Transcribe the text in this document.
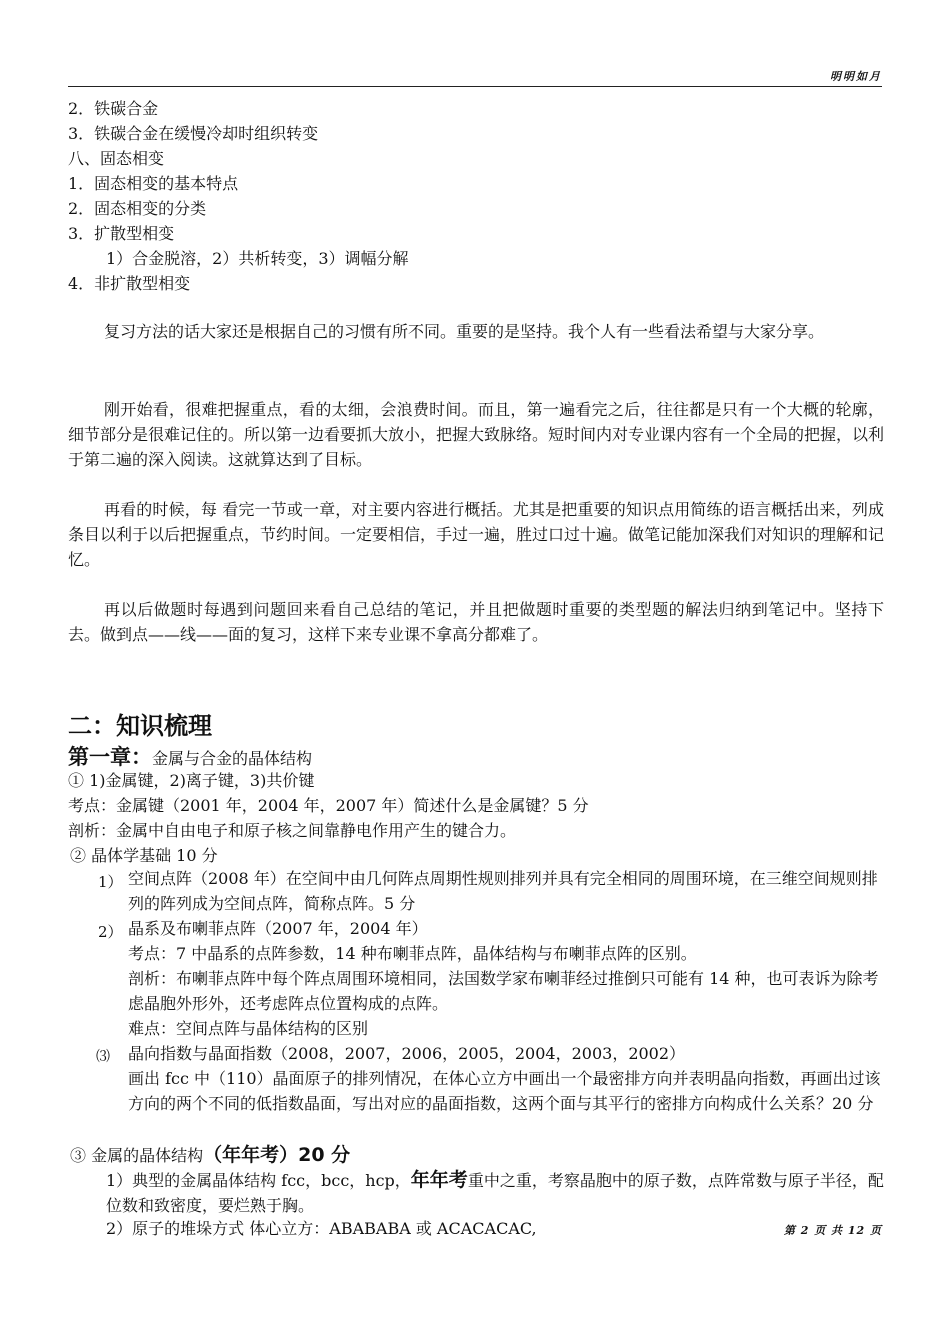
明明如月
2．铁碳合金
3．铁碳合金在缓慢冷却时组织转变
八、固态相变
1．固态相变的基本特点
2．固态相变的分类
3．扩散型相变
1）合金脱溶，2）共析转变，3）调幅分解
4．非扩散型相变
复习方法的话大家还是根据自己的习惯有所不同。重要的是坚持。我个人有一些看法希望与大家分享。
刚开始看，很难把握重点，看的太细，会浪费时间。而且，第一遍看完之后，往往都是只有一个大概的轮廓，细节部分是很难记住的。所以第一边看要抓大放小，把握大致脉络。短时间内对专业课内容有一个全局的把握，以利于第二遍的深入阅读。这就算达到了目标。
再看的时候，每 看完一节或一章，对主要内容进行概括。尤其是把重要的知识点用简练的语言概括出来，列成条目以利于以后把握重点，节约时间。一定要相信，手过一遍，胜过口过十遍。做笔记能加深我们对知识的理解和记忆。
再以后做题时每遇到问题回来看自己总结的笔记，并且把做题时重要的类型题的解法归纳到笔记中。坚持下去。做到点——线——面的复习，这样下来专业课不拿高分都难了。
二：知识梳理
第一章：金属与合金的晶体结构
① 1)金属键，2)离子键，3)共价键
考点：金属键（2001 年，2004 年，2007 年）简述什么是金属键？5 分
剖析：金属中自由电子和原子核之间靠静电作用产生的键合力。
② 晶体学基础 10 分
1） 空间点阵（2008 年）在空间中由几何阵点周期性规则排列并具有完全相同的周围环境，在三维空间规则排列的阵列成为空间点阵，简称点阵。5 分
2） 晶系及布喇菲点阵（2007 年，2004 年）
考点：7 中晶系的点阵参数，14 种布喇菲点阵，晶体结构与布喇菲点阵的区别。
剖析：布喇菲点阵中每个阵点周围环境相同，法国数学家布喇菲经过推倒只可能有 14 种，也可表诉为除考虑晶胞外形外，还考虑阵点位置构成的点阵。
难点：空间点阵与晶体结构的区别
⑶ 晶向指数与晶面指数（2008，2007，2006，2005，2004，2003，2002）
画出 fcc 中（110）晶面原子的排列情况，在体心立方中画出一个最密排方向并表明晶向指数，再画出过该方向的两个不同的低指数晶面，写出对应的晶面指数，这两个面与其平行的密排方向构成什么关系？20 分
③ 金属的晶体结构（年年考）20 分
1）典型的金属晶体结构 fcc，bcc，hcp，年年考重中之重，考察晶胞中的原子数，点阵常数与原子半径，配位数和致密度，要烂熟于胸。
2）原子的堆垛方式 体心立方：ABABABA 或 ACACACAC,	第 2 页 共 12 页
